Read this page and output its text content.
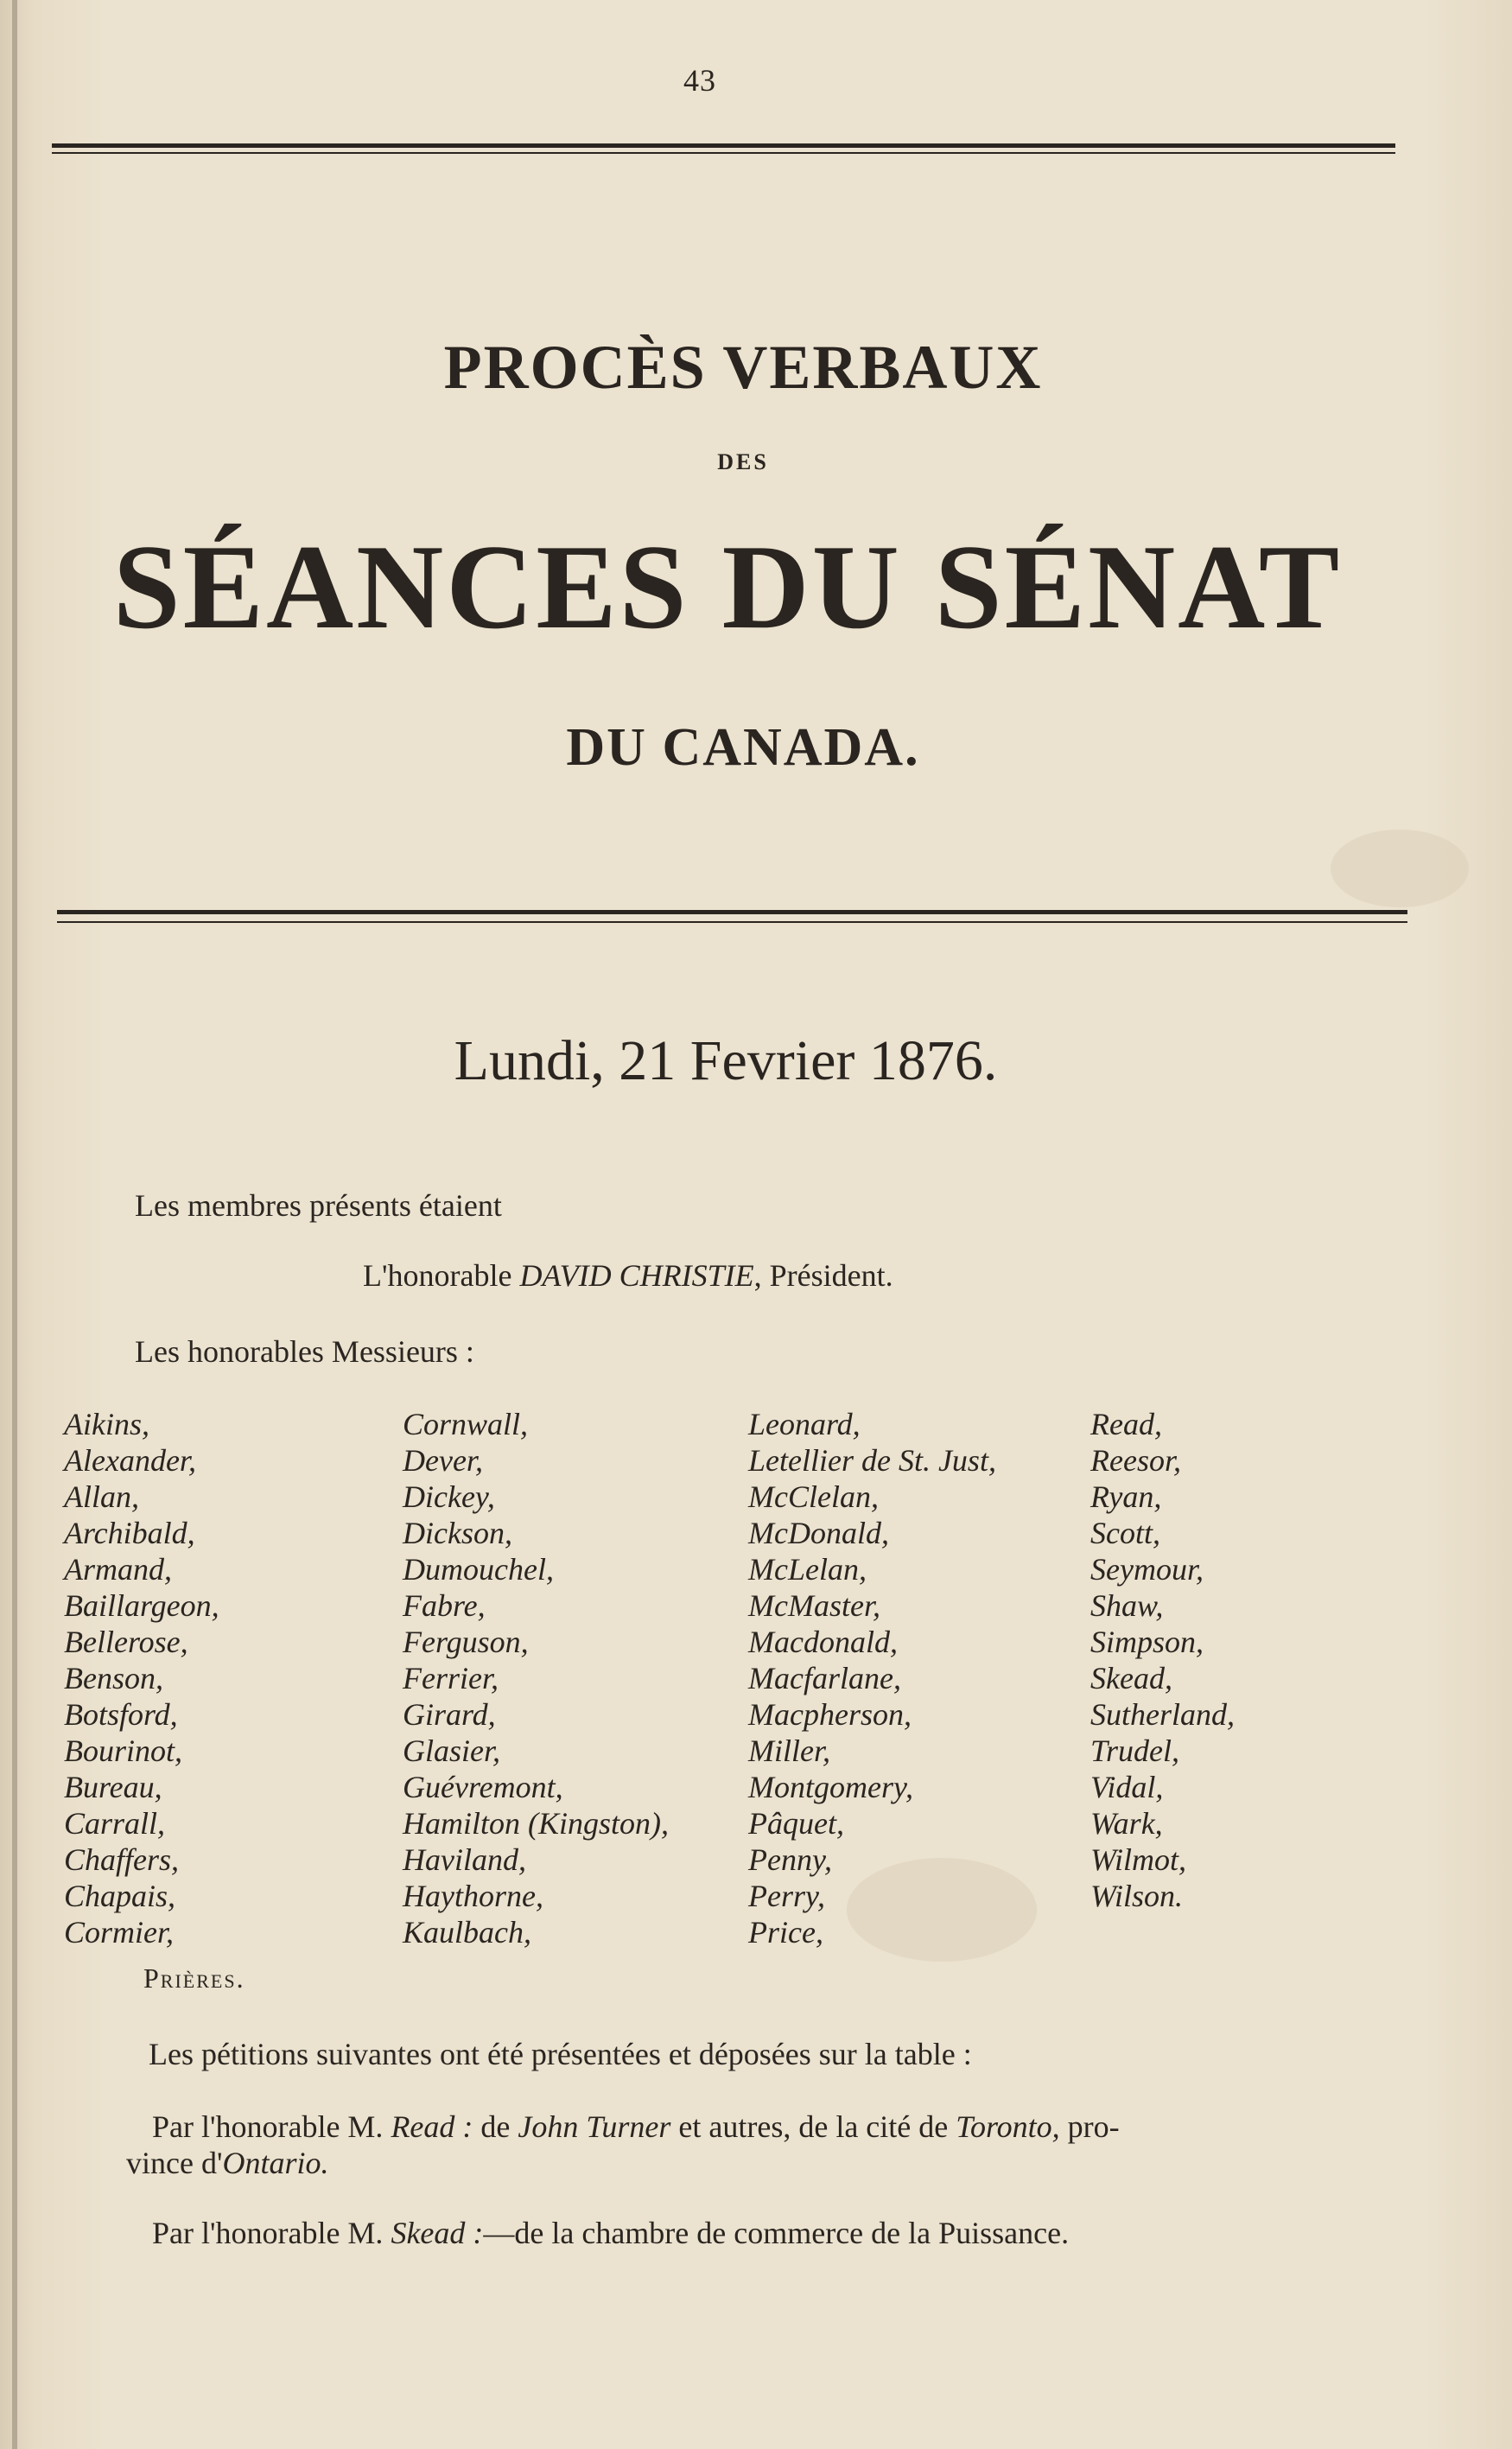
43
PROCÈS VERBAUX
DES
SÉANCES DU SÉNAT
DU CANADA.
Lundi, 21 Fevrier 1876.
Les membres présents étaient
L'honorable DAVID CHRISTIE, Président.
Les honorables Messieurs :
Aikins,
Alexander,
Allan,
Archibald,
Armand,
Baillargeon,
Bellerose,
Benson,
Botsford,
Bourinot,
Bureau,
Carrall,
Chaffers,
Chapais,
Cormier,
Cornwall,
Dever,
Dickey,
Dickson,
Dumouchel,
Fabre,
Ferguson,
Ferrier,
Girard,
Glasier,
Guévremont,
Hamilton (Kingston),
Haviland,
Haythorne,
Kaulbach,
Leonard,
Letellier de St. Just,
McClelan,
McDonald,
McLelan,
McMaster,
Macdonald,
Macfarlane,
Macpherson,
Miller,
Montgomery,
Pâquet,
Penny,
Perry,
Price,
Read,
Reesor,
Ryan,
Scott,
Seymour,
Shaw,
Simpson,
Skead,
Sutherland,
Trudel,
Vidal,
Wark,
Wilmot,
Wilson.
Prières.
Les pétitions suivantes ont été présentées et déposées sur la table :
Par l'honorable M. Read : de John Turner et autres, de la cité de Toronto, pro-
vince d'Ontario.
Par l'honorable M. Skead :—de la chambre de commerce de la Puissance.
